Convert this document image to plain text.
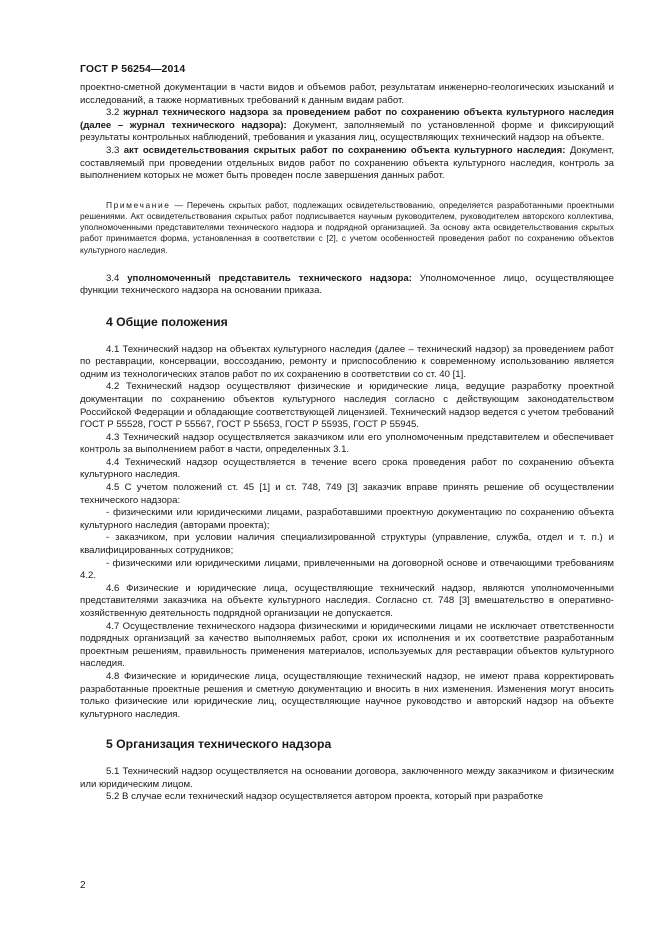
ГОСТ Р 56254—2014

проектно-сметной документации в части видов и объемов работ, результатам инженерно-геологических изысканий и исследований, а также нормативных требований к данным видам работ.

3.2 журнал технического надзора за проведением работ по сохранению объекта культурного наследия (далее – журнал технического надзора): Документ, заполняемый по установленной форме и фиксирующий результаты контрольных наблюдений, требования и указания лиц, осуществляющих технический надзор на объекте.

3.3 акт освидетельствования скрытых работ по сохранению объекта культурного наследия: Документ, составляемый при проведении отдельных видов работ по сохранению объекта культурного наследия, контроль за выполнением которых не может быть проведен после завершения данных работ.

Примечание — Перечень скрытых работ, подлежащих освидетельствованию, определяется разработанными проектными решениями. Акт освидетельствования скрытых работ подписывается научным руководителем, руководителем авторского коллектива, уполномоченными представителями технического надзора и подрядной организацией. За основу акта освидетельствования скрытых работ принимается форма, установленная в соответствии с [2], с учетом особенностей проведения работ по сохранению объектов культурного наследия.

3.4 уполномоченный представитель технического надзора: Уполномоченное лицо, осуществляющее функции технического надзора на основании приказа.

4 Общие положения

4.1 Технический надзор на объектах культурного наследия (далее – технический надзор) за проведением работ по реставрации, консервации, воссозданию, ремонту и приспособлению к современному использованию является одним из технологических этапов работ по их сохранению в соответствии со ст. 40 [1].

4.2 Технический надзор осуществляют физические и юридические лица, ведущие разработку проектной документации по сохранению объектов культурного наследия согласно с действующим законодательством Российской Федерации и обладающие соответствующей лицензией. Технический надзор ведется с учетом требований ГОСТ Р 55528, ГОСТ Р 55567, ГОСТ Р 55653, ГОСТ Р 55935, ГОСТ Р 55945.

4.3 Технический надзор осуществляется заказчиком или его уполномоченным представителем и обеспечивает контроль за выполнением работ в части, определенных 3.1.

4.4 Технический надзор осуществляется в течение всего срока проведения работ по сохранению объекта культурного наследия.

4.5 С учетом положений ст. 45 [1] и ст. 748, 749 [3] заказчик вправе принять решение об осуществлении технического надзора:

- физическими или юридическими лицами, разработавшими проектную документацию по сохранению объекта культурного наследия (авторами проекта);

- заказчиком, при условии наличия специализированной структуры (управление, служба, отдел и т. п.) и квалифицированных сотрудников;

- физическими или юридическими лицами, привлеченными на договорной основе и отвечающими требованиям 4.2.

4.6 Физические и юридические лица, осуществляющие технический надзор, являются уполномоченными представителями заказчика на объекте культурного наследия. Согласно ст. 748 [3] вмешательство в оперативно-хозяйственную деятельность подрядной организации не допускается.

4.7 Осуществление технического надзора физическими и юридическими лицами не исключает ответственности подрядных организаций за качество выполняемых работ, сроки их исполнения и их соответствие разработанным проектным решениям, правильность применения материалов, используемых для реставрации объектов культурного наследия.

4.8 Физические и юридические лица, осуществляющие технический надзор, не имеют права корректировать разработанные проектные решения и сметную документацию и вносить в них изменения. Изменения могут вносить только физические или юридические лиц, осуществляющие научное руководство и авторский надзор на объекте культурного наследия.

5 Организация технического надзора

5.1 Технический надзор осуществляется на основании договора, заключенного между заказчиком и физическим или юридическим лицом.

5.2 В случае если технический надзор осуществляется автором проекта, который при разработке

2
